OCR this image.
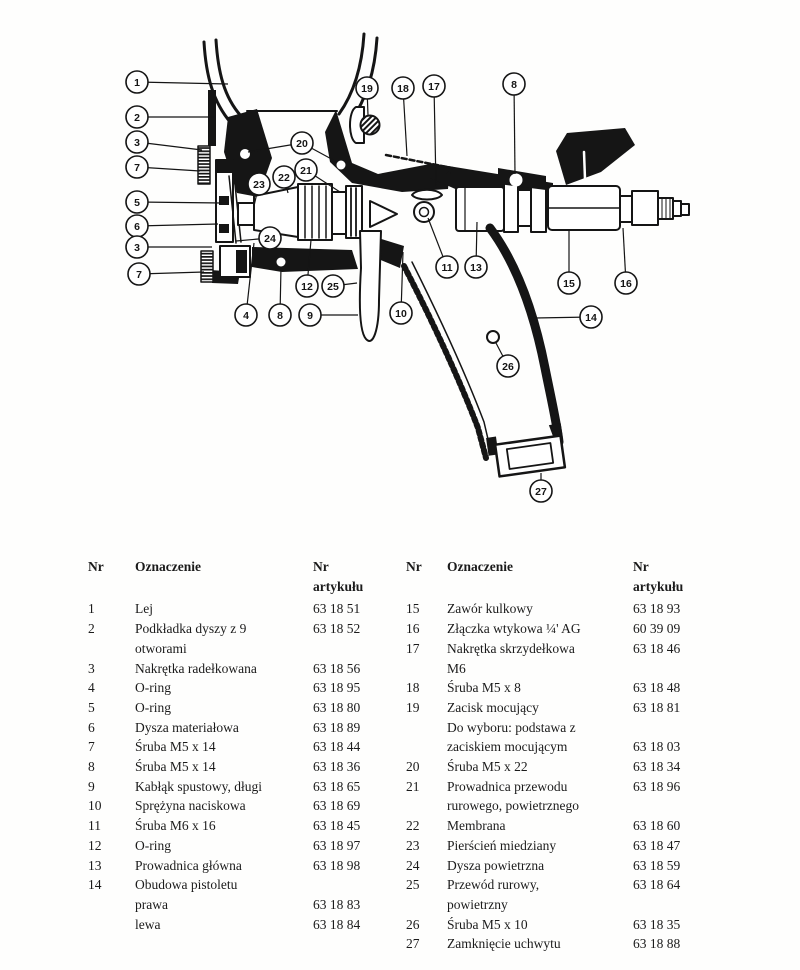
1
2
3
7
5
6
3
7
4	8 9	10
12 25
11 13
15	16
14
26
27
19 18 17	8
20
21
22
23
24
Nr	Oznaczenie	Nr
artykułu
1	Lej	63 18 51
2	Podkładka dyszy z 9	63 18 52
	otworami	
3	Nakrętka radełkowana	63 18 56
4	O-ring	63 18 95
5	O-ring	63 18 80
6	Dysza materiałowa	63 18 89
7	Śruba M5 x 14	63 18 44
8	Śruba M5 x 14	63 18 36
9	Kabłąk spustowy, długi	63 18 65
10	Sprężyna naciskowa	63 18 69
11	Śruba M6 x 16	63 18 45
12	O-ring	63 18 97
13	Prowadnica główna	63 18 98
14	Obudowa pistoletu	
	prawa	63 18 83
	lewa	63 18 84
Nr	Oznaczenie	Nr
artykułu
15	Zawór kulkowy	63 18 93
16	Złączka wtykowa ¼' AG	60 39 09
17	Nakrętka skrzydełkowa	63 18 46
	M6	
18	Śruba M5 x 8	63 18 48
19	Zacisk mocujący	63 18 81
	Do wyboru: podstawa z	
	zaciskiem mocującym	63 18 03
20	Śruba M5 x 22	63 18 34
21	Prowadnica przewodu	63 18 96
	rurowego, powietrznego	
22	Membrana	63 18 60
23	Pierścień miedziany	63 18 47
24	Dysza powietrzna	63 18 59
25	Przewód rurowy,	63 18 64
	powietrzny	
26	Śruba M5 x 10	63 18 35
27	Zamknięcie uchwytu	63 18 88
